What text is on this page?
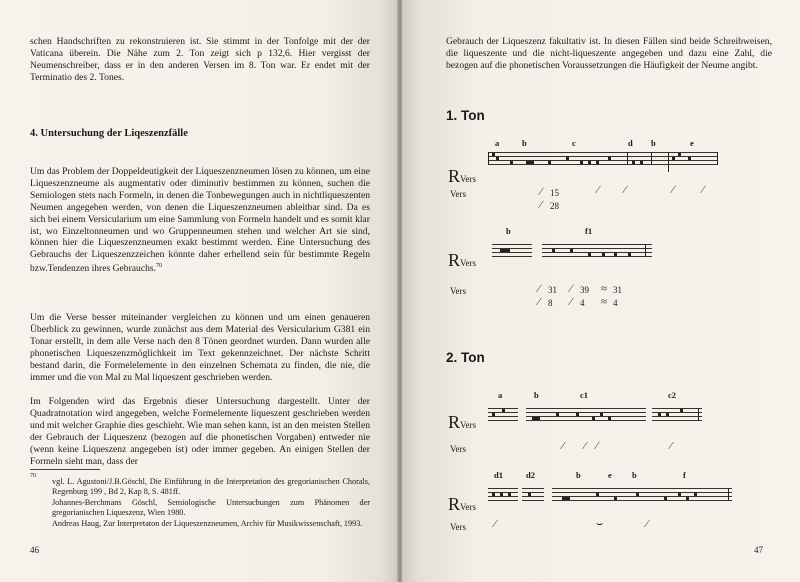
schen Handschriften zu rekonstruieren ist. Sie stimmt in der Tonfolge mit der der Vaticana überein. Die Nähe zum 2. Ton zeigt sich p 132,6. Hier vergisst der Neumenschreiber, dass er in den anderen Versen im 8. Ton war. Er endet mit der Terminatio des 2. Tones.
4. Untersuchung der Liqeszenzfälle
Um das Problem der Doppeldeutigkeit der Liqueszenzneumen lösen zu können, um eine Liqueszenzneume als augmentativ oder diminutiv bestimmen zu können, suchen die Semiologen stets nach Formeln, in denen die Tonbewegungen auch in nichtliqueszenten Neumen angegeben werden, von denen die Liqueszenzneumen ableitbar sind. Da es sich bei einem Versicularium um eine Sammlung von Formeln handelt und es somit klar ist, wo Einzeltonneumen und wo Gruppenneumen stehen und welcher Art sie sind, können hier die Liqueszenzneumen exakt bestimmt werden. Eine Untersuchung des Gebrauchs der Liqueszenzzeichen könnte daher erhellend sein für bestimmte Regeln bzw.Tendenzen ihres Gebrauchs.$^{70}$
Um die Verse besser miteinander vergleichen zu können und um einen genaueren Überblick zu gewinnen, wurde zunächst aus dem Material des Versicularium G381 ein Tonar erstellt, in dem alle Verse nach den 8 Tönen geordnet wurden. Dann wurden alle phonetischen Liqueszenzmöglichkeit im Text gekennzeichnet. Der nächste Schritt bestand darin, die Formelelemente in den einzelnen Schemata zu finden, die nie, die immer und die von Mal zu Mal liqueszent geschrieben werden.
Im Folgenden wird das Ergebnis dieser Untersuchung dargestellt. Unter der Quadratnotation wird angegeben, welche Formelemente liqueszent geschrieben werden und mit welcher Graphie dies geschieht. Wie man sehen kann, ist an den meisten Stellen der Gebrauch der Liqueszenz (bezogen auf die phonetischen Vorgaben) entweder nie (wenn keine Liqueszenz angegeben ist) oder immer gegeben. An einigen Stellen der Formeln sieht man, dass der
70
vgl. L. Agustoni/J.B.Göschl, Die Einführung in die Interpretation des gregorianischen Chorals, Regenburg 199 , Bd 2, Kap 8, S. 481ff.
Johannes-Berchmans Göschl, Semiologische Untersuchungen zum Phänomen der gregorianischen Liqueszenz, Wien 1980.
Andreas Haug, Zur Interpretaton der Liqueszenzneumen, Archiv für Musikwissenschaft, 1993.
46
Gebrauch der Liqueszenz fakultativ ist. In diesen Fällen sind beide Schreibweisen, die liqueszente und die nicht-liqueszente angegeben und dazu eine Zahl, die bezogen auf die phonetischen Voraussetzungen die Häufigkeit der Neume angibt.
1. Ton
a	b	c	d b	e
RVers
Vers	∕ 15
∕ 28
⁄ ⁄	∕	∕
b	f1
RVers
Vers	∕ 31 ∕ 39 ≈ 31
∕ 8 ∕ 4 ≈ 4
2. Ton
a	b	c1	c2
RVers
Vers	⁄ ⁄ ∕	⁄
d1	d2	b	e b	f
RVers
Vers	⁄	⌣	⁄
47
